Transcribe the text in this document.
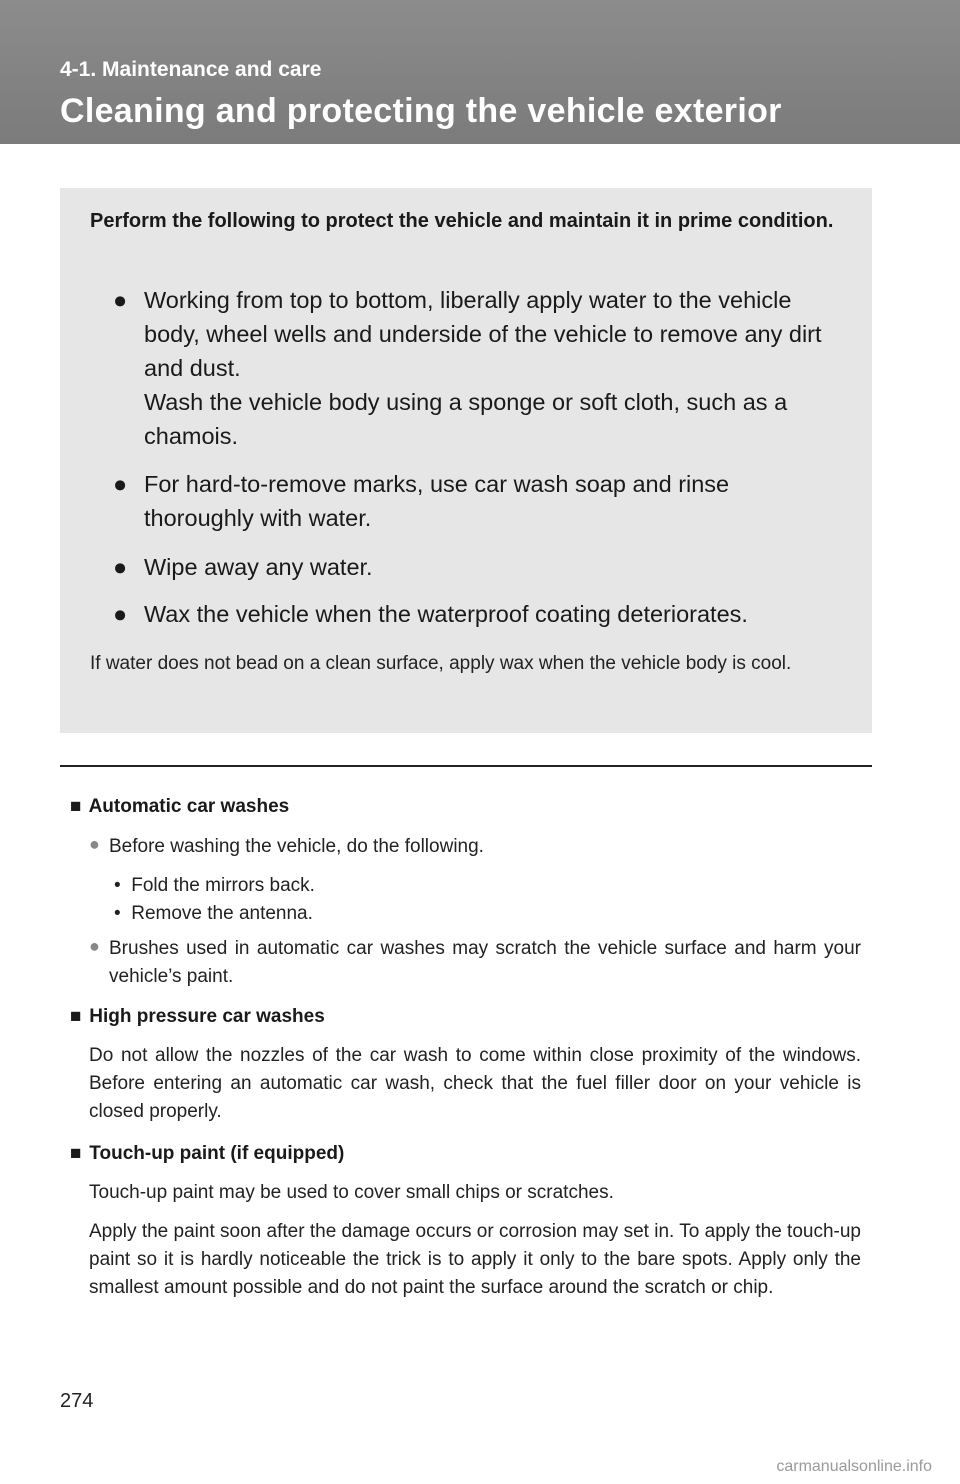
4-1. Maintenance and care
Cleaning and protecting the vehicle exterior
Perform the following to protect the vehicle and maintain it in prime condition.
● Working from top to bottom, liberally apply water to the vehicle body, wheel wells and underside of the vehicle to remove any dirt and dust.
Wash the vehicle body using a sponge or soft cloth, such as a chamois.
● For hard-to-remove marks, use car wash soap and rinse thoroughly with water.
● Wipe away any water.
● Wax the vehicle when the waterproof coating deteriorates.
If water does not bead on a clean surface, apply wax when the vehicle body is cool.
■ Automatic car washes
● Before washing the vehicle, do the following.
•  Fold the mirrors back.
•  Remove the antenna.
● Brushes used in automatic car washes may scratch the vehicle surface and harm your vehicle’s paint.
■ High pressure car washes
Do not allow the nozzles of the car wash to come within close proximity of the windows. Before entering an automatic car wash, check that the fuel filler door on your vehicle is closed properly.
■ Touch-up paint (if equipped)
Touch-up paint may be used to cover small chips or scratches.
Apply the paint soon after the damage occurs or corrosion may set in. To apply the touch-up paint so it is hardly noticeable the trick is to apply it only to the bare spots. Apply only the smallest amount possible and do not paint the surface around the scratch or chip.
274
carmanualsonline.info
